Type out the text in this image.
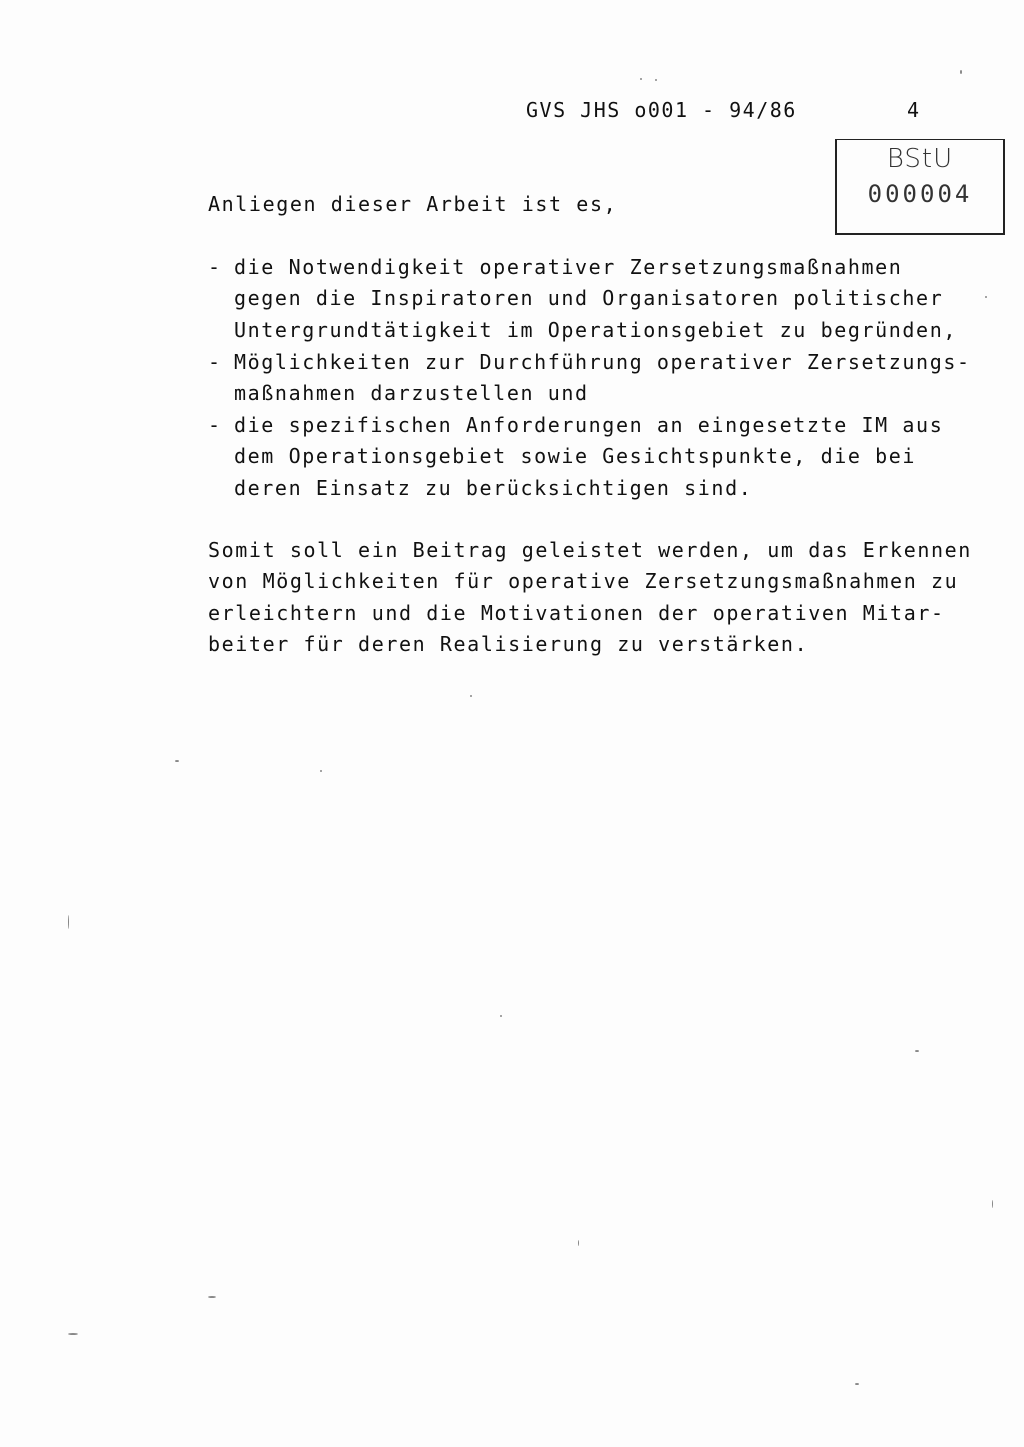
GVS JHS o001 - 94/86	4
BStU
000004
Anliegen dieser Arbeit ist es,
- die Notwendigkeit operativer Zersetzungsmaßnahmen
gegen die Inspiratoren und Organisatoren politischer
Untergrundtätigkeit im Operationsgebiet zu begründen,
- Möglichkeiten zur Durchführung operativer Zersetzungs-
maßnahmen darzustellen und
- die spezifischen Anforderungen an eingesetzte IM aus
dem Operationsgebiet sowie Gesichtspunkte, die bei
deren Einsatz zu berücksichtigen sind.
Somit soll ein Beitrag geleistet werden, um das Erkennen
von Möglichkeiten für operative Zersetzungsmaßnahmen zu
erleichtern und die Motivationen der operativen Mitar-
beiter für deren Realisierung zu verstärken.
